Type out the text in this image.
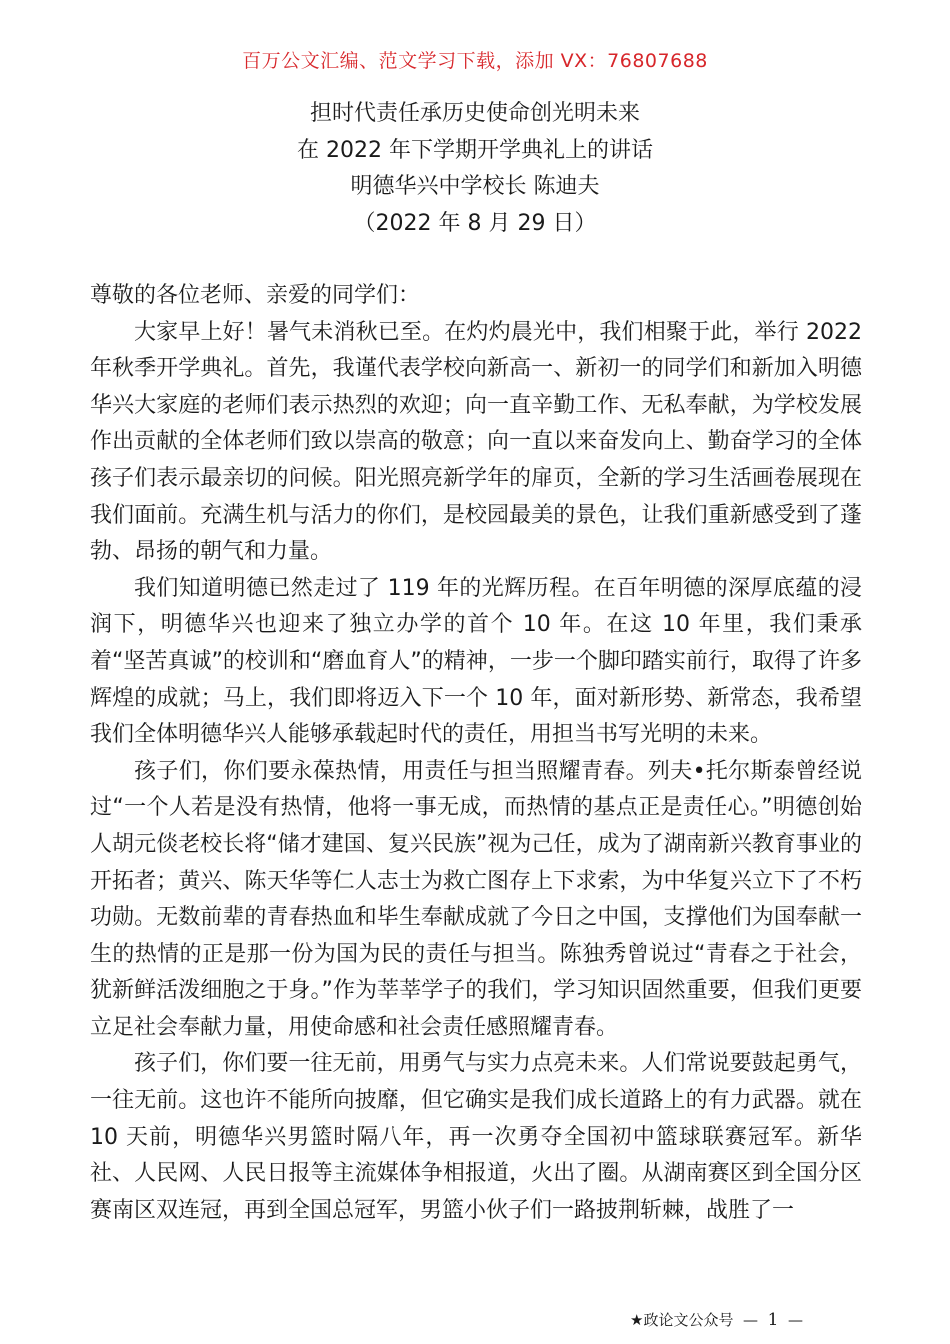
百万公文汇编、范文学习下载，添加 VX：76807688
担时代责任承历史使命创光明未来
在 2022 年下学期开学典礼上的讲话
明德华兴中学校长 陈迪夫
（2022 年 8 月 29 日）

尊敬的各位老师、亲爱的同学们：

大家早上好！暑气未消秋已至。在灼灼晨光中，我们相聚于此，举行 2022 年秋季开学典礼。首先，我谨代表学校向新高一、新初一的同学们和新加入明德华兴大家庭的老师们表示热烈的欢迎；向一直辛勤工作、无私奉献，为学校发展作出贡献的全体老师们致以崇高的敬意；向一直以来奋发向上、勤奋学习的全体孩子们表示最亲切的问候。阳光照亮新学年的扉页，全新的学习生活画卷展现在我们面前。充满生机与活力的你们，是校园最美的景色，让我们重新感受到了蓬勃、昂扬的朝气和力量。

我们知道明德已然走过了 119 年的光辉历程。在百年明德的深厚底蕴的浸润下，明德华兴也迎来了独立办学的首个 10 年。在这 10 年里，我们秉承着“坚苦真诚”的校训和“磨血育人”的精神，一步一个脚印踏实前行，取得了许多辉煌的成就；马上，我们即将迈入下一个 10 年，面对新形势、新常态，我希望我们全体明德华兴人能够承载起时代的责任，用担当书写光明的未来。

孩子们，你们要永葆热情，用责任与担当照耀青春。列夫•托尔斯泰曾经说过“一个人若是没有热情，他将一事无成，而热情的基点正是责任心。”明德创始人胡元倓老校长将“储才建国、复兴民族”视为己任，成为了湖南新兴教育事业的开拓者；黄兴、陈天华等仁人志士为救亡图存上下求索，为中华复兴立下了不朽功勋。无数前辈的青春热血和毕生奉献成就了今日之中国，支撑他们为国奉献一生的热情的正是那一份为国为民的责任与担当。陈独秀曾说过“青春之于社会，犹新鲜活泼细胞之于身。”作为莘莘学子的我们，学习知识固然重要，但我们更要立足社会奉献力量，用使命感和社会责任感照耀青春。

孩子们，你们要一往无前，用勇气与实力点亮未来。人们常说要鼓起勇气，一往无前。这也许不能所向披靡，但它确实是我们成长道路上的有力武器。就在 10 天前，明德华兴男篮时隔八年，再一次勇夺全国初中篮球联赛冠军。新华社、人民网、人民日报等主流媒体争相报道，火出了圈。从湖南赛区到全国分区赛南区双连冠，再到全国总冠军，男篮小伙子们一路披荆斩棘，战胜了一

★政论文公众号  —  1  —
